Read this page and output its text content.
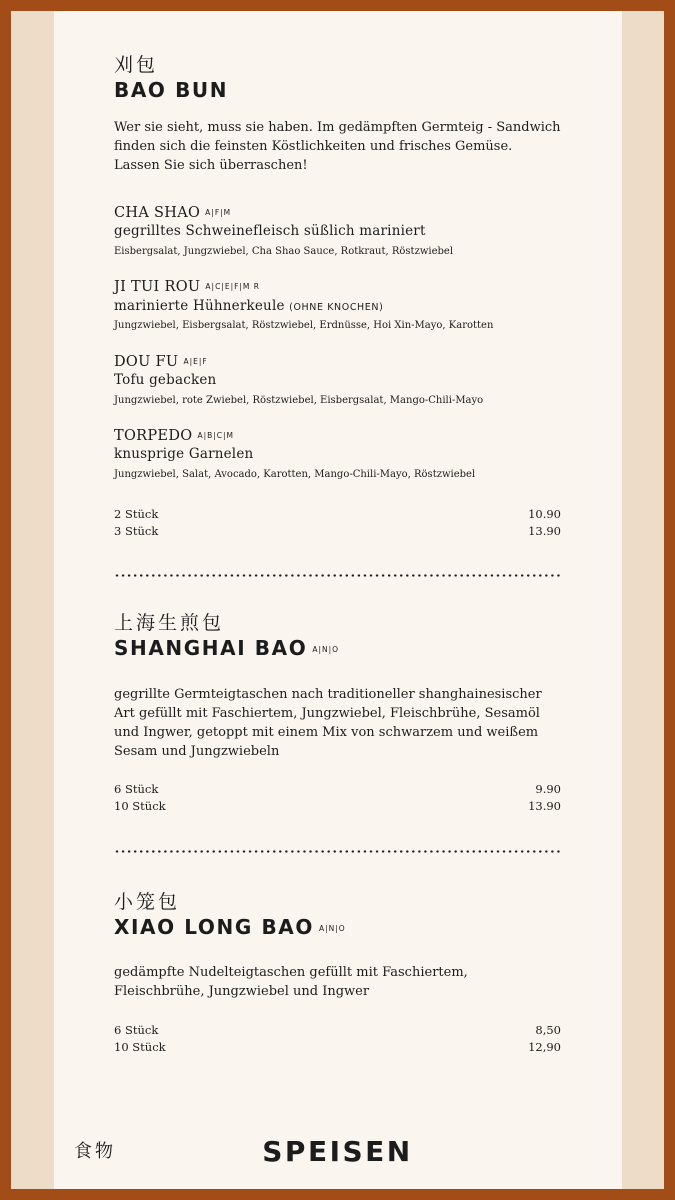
刈包
BAO BUN
Wer sie sieht, muss sie haben. Im gedämpften Germteig - Sandwich finden sich die feinsten Köstlichkeiten und frisches Gemüse. Lassen Sie sich überraschen!
CHA SHAO A|F|M
gegrilltes Schweinefleisch süßlich mariniert
Eisbergsalat, Jungzwiebel, Cha Shao Sauce, Rotkraut, Röstzwiebel
JI TUI ROU A|C|E|F|M R
marinierte Hühnerkeule (OHNE KNOCHEN)
Jungzwiebel, Eisbergsalat, Röstzwiebel, Erdnüsse, Hoi Xin-Mayo, Karotten
DOU FU A|E|F
Tofu gebacken
Jungzwiebel, rote Zwiebel, Röstzwiebel, Eisbergsalat, Mango-Chili-Mayo
TORPEDO A|B|C|M
knusprige Garnelen
Jungzwiebel, Salat, Avocado, Karotten, Mango-Chili-Mayo, Röstzwiebel
2 Stück	10.90
3 Stück	13.90
上海生煎包
SHANGHAI BAO A|N|O
gegrillte Germteigtaschen nach traditioneller shanghainesischer Art gefüllt mit Faschiertem, Jungzwiebel, Fleischbrühe, Sesamöl und Ingwer, getoppt mit einem Mix von schwarzem und weißem Sesam und Jungzwiebeln
6 Stück	9.90
10 Stück	13.90
小笼包
XIAO LONG BAO A|N|O
gedämpfte Nudelteigtaschen gefüllt mit Faschiertem, Fleischbrühe, Jungzwiebel und Ingwer
6 Stück	8,50
10 Stück	12,90
食物	SPEISEN
